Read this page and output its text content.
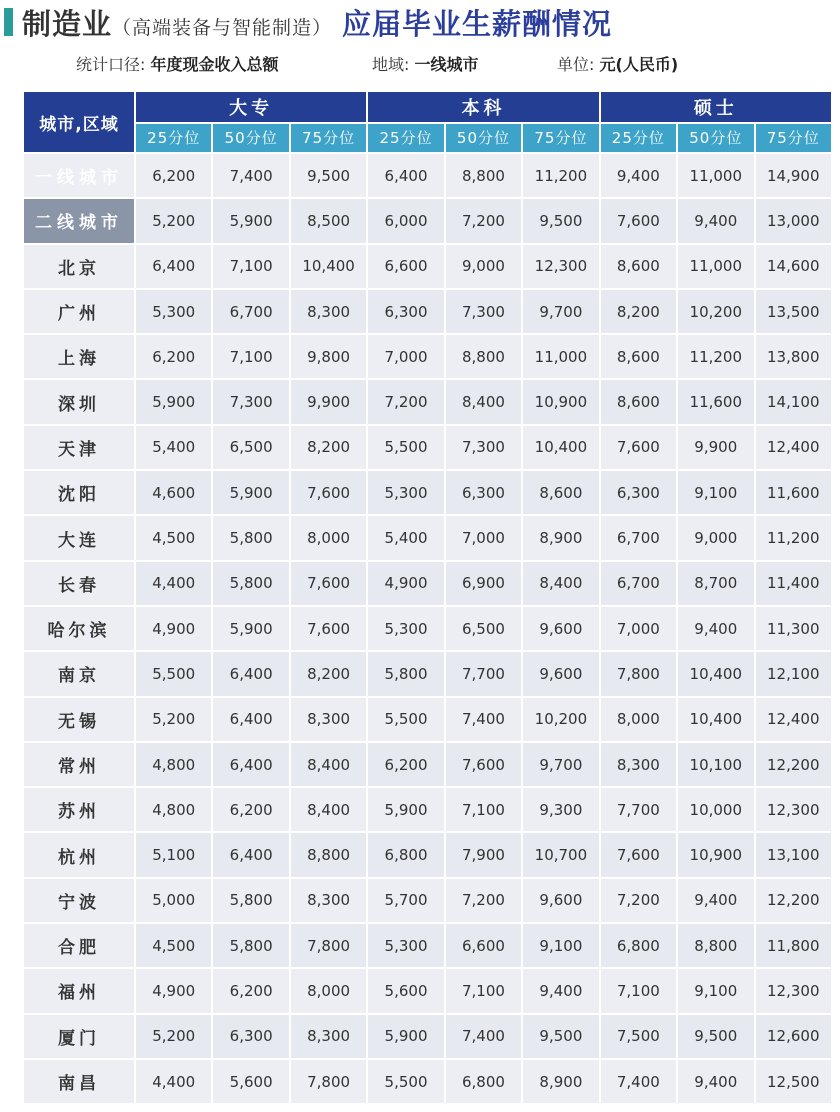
制造业（高端装备与智能制造） 应届毕业生薪酬情况
统计口径: 年度现金收入总额	地域: 一线城市	单位: 元(人民币)
城市,区域	大专			本科			硕士		
	25分位	50分位	75分位	25分位	50分位	75分位	25分位	50分位	75分位
一线城市	6,200	7,400	9,500	6,400	8,800	11,200	9,400	11,000	14,900
二线城市	5,200	5,900	8,500	6,000	7,200	9,500	7,600	9,400	13,000
北京	6,400	7,100	10,400	6,600	9,000	12,300	8,600	11,000	14,600
广州	5,300	6,700	8,300	6,300	7,300	9,700	8,200	10,200	13,500
上海	6,200	7,100	9,800	7,000	8,800	11,000	8,600	11,200	13,800
深圳	5,900	7,300	9,900	7,200	8,400	10,900	8,600	11,600	14,100
天津	5,400	6,500	8,200	5,500	7,300	10,400	7,600	9,900	12,400
沈阳	4,600	5,900	7,600	5,300	6,300	8,600	6,300	9,100	11,600
大连	4,500	5,800	8,000	5,400	7,000	8,900	6,700	9,000	11,200
长春	4,400	5,800	7,600	4,900	6,900	8,400	6,700	8,700	11,400
哈尔滨	4,900	5,900	7,600	5,300	6,500	9,600	7,000	9,400	11,300
南京	5,500	6,400	8,200	5,800	7,700	9,600	7,800	10,400	12,100
无锡	5,200	6,400	8,300	5,500	7,400	10,200	8,000	10,400	12,400
常州	4,800	6,400	8,400	6,200	7,600	9,700	8,300	10,100	12,200
苏州	4,800	6,200	8,400	5,900	7,100	9,300	7,700	10,000	12,300
杭州	5,100	6,400	8,800	6,800	7,900	10,700	7,600	10,900	13,100
宁波	5,000	5,800	8,300	5,700	7,200	9,600	7,200	9,400	12,200
合肥	4,500	5,800	7,800	5,300	6,600	9,100	6,800	8,800	11,800
福州	4,900	6,200	8,000	5,600	7,100	9,400	7,100	9,100	12,300
厦门	5,200	6,300	8,300	5,900	7,400	9,500	7,500	9,500	12,600
南昌	4,400	5,600	7,800	5,500	6,800	8,900	7,400	9,400	12,500
